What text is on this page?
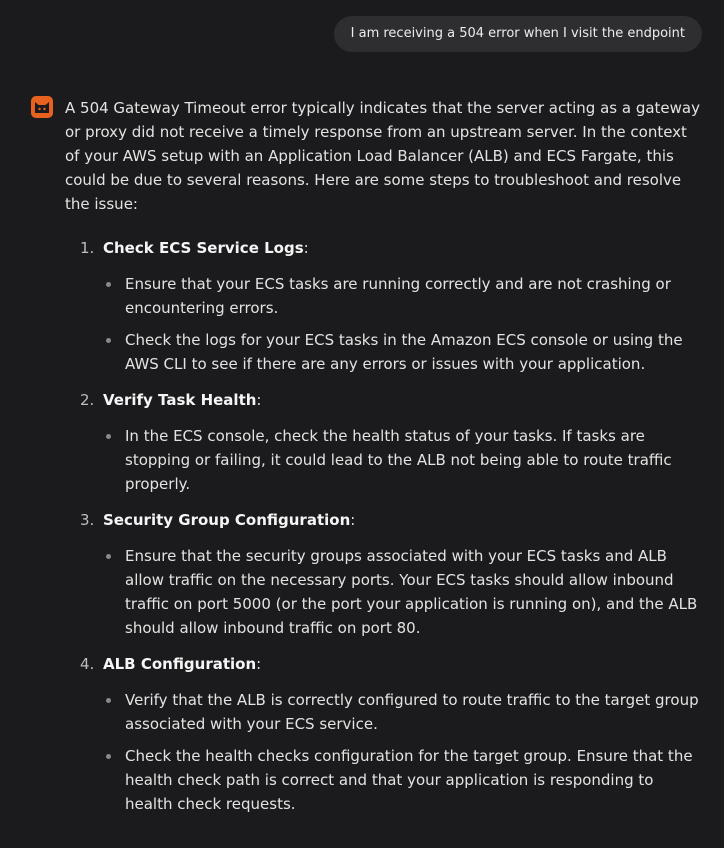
I am receiving a 504 error when I visit the endpoint

A 504 Gateway Timeout error typically indicates that the server acting as a gateway or proxy did not receive a timely response from an upstream server. In the context of your AWS setup with an Application Load Balancer (ALB) and ECS Fargate, this could be due to several reasons. Here are some steps to troubleshoot and resolve the issue:

1. Check ECS Service Logs:
Ensure that your ECS tasks are running correctly and are not crashing or encountering errors.
Check the logs for your ECS tasks in the Amazon ECS console or using the AWS CLI to see if there are any errors or issues with your application.
2. Verify Task Health:
In the ECS console, check the health status of your tasks. If tasks are stopping or failing, it could lead to the ALB not being able to route traffic properly.
3. Security Group Configuration:
Ensure that the security groups associated with your ECS tasks and ALB allow traffic on the necessary ports. Your ECS tasks should allow inbound traffic on port 5000 (or the port your application is running on), and the ALB should allow inbound traffic on port 80.
4. ALB Configuration:
Verify that the ALB is correctly configured to route traffic to the target group associated with your ECS service.
Check the health checks configuration for the target group. Ensure that the health check path is correct and that your application is responding to health check requests.
